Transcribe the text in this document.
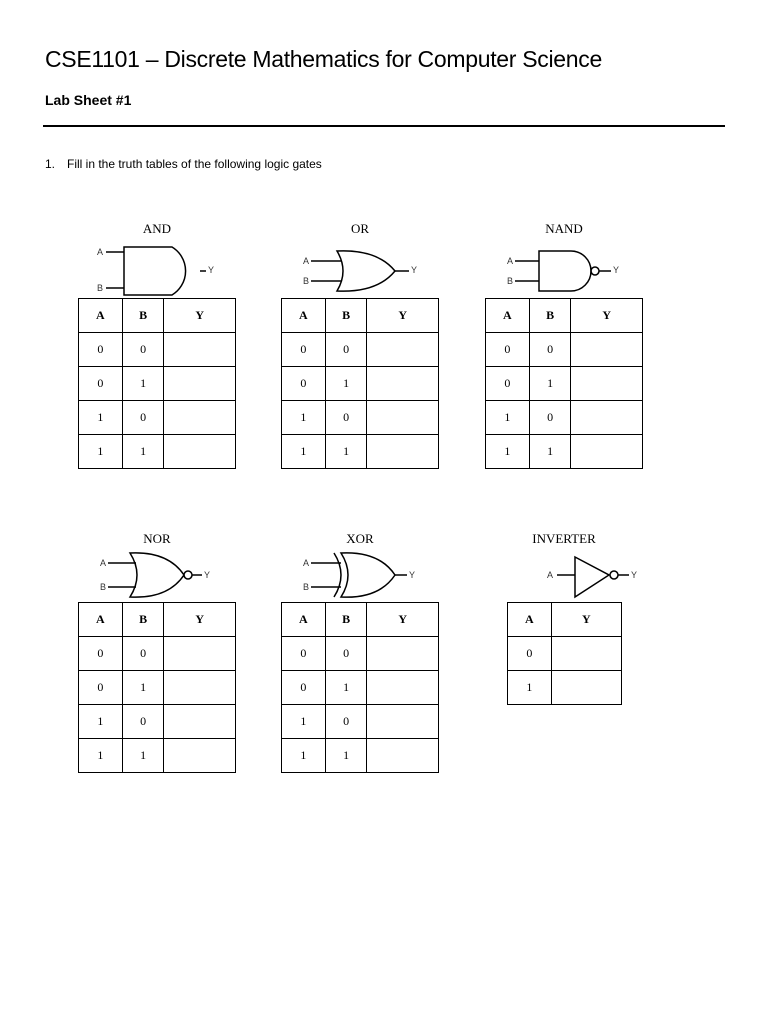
CSE1101 – Discrete Mathematics for Computer Science
Lab Sheet #1

1. Fill in the truth tables of the following logic gates

AND
A
B
Y
A	B	Y
0	0	
0	1	
1	0	
1	1	
OR
A
B
Y
A	B	Y
0	0	
0	1	
1	0	
1	1	
NAND
A
B
Y
A	B	Y
0	0	
0	1	
1	0	
1	1	
NOR
A
B
Y
A	B	Y
0	0	
0	1	
1	0	
1	1	
XOR
A
B
Y
A	B	Y
0	0	
0	1	
1	0	
1	1	
INVERTER
A	Y
A	Y
0	
1	
